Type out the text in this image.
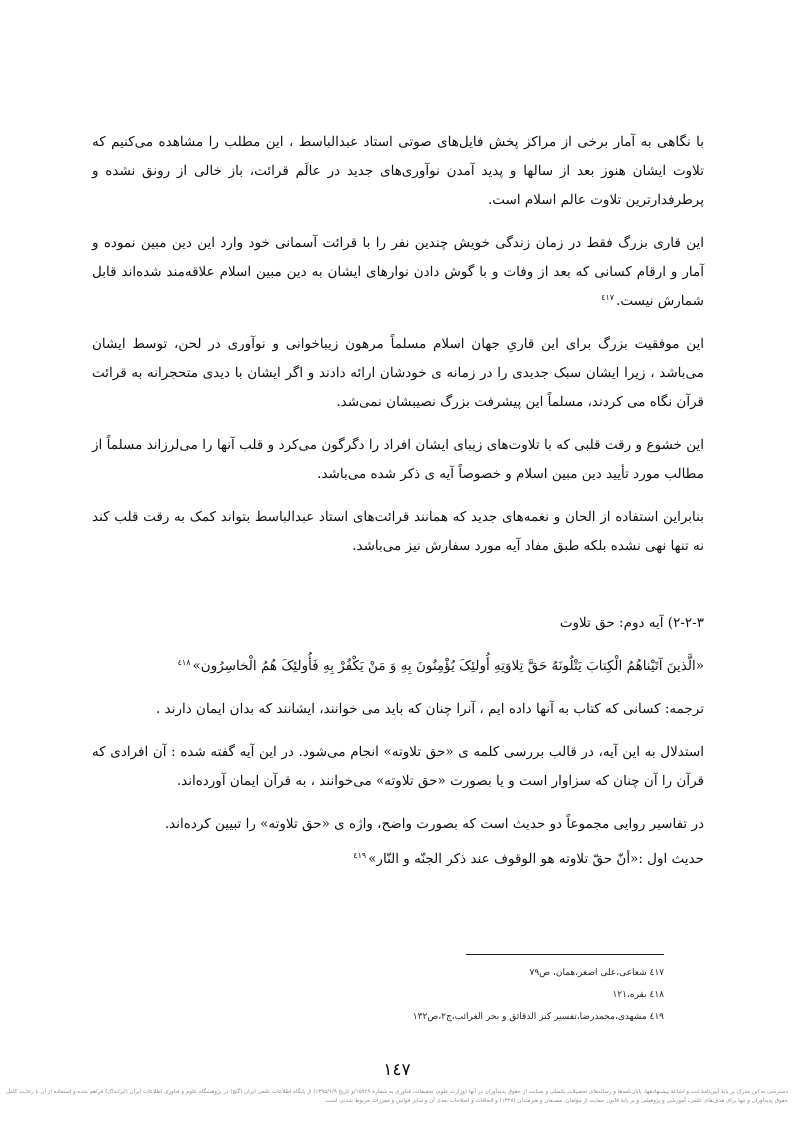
با نگاهی به آمار برخی از مراکز پخش فایل‌های صوتی استاد عبدالباسط ، این مطلب را مشاهده می‌کنیم که تلاوت ایشان هنوز بعد از سالها و پدید آمدن نوآوری‌های جدید در عالَم قرائت، باز خالی از رونق نشده و پرطرفدارترین تلاوت عالم اسلام است.

این قاری بزرگ فقط در زمان زندگی خویش چندین نفر را با قرائت آسمانی خود وارد این دین مبین نموده و آمار و ارقام کسانی که بعد از وفات و با گوش دادن نوارهای ایشان به دین مبین اسلام علاقه‌مند شده‌اند قابل شمارش نیست.$^{٤١٧}$

این موفقیت بزرگ برای این قاریِ جهان اسلام مسلماً مرهون زیباخوانی و نوآوری در لحن، توسط ایشان می‌باشد ، زیرا ایشان سبک جدیدی را در زمانه ی خودشان ارائه دادند و اگر ایشان با دیدی متحجرانه به قرائت قرآن نگاه می کردند، مسلماً این پیشرفت بزرگ نصیبشان نمی‌شد.

این خشوع و رقت قلبی که با تلاوت‌های زیبای ایشان افراد را دگرگون می‌کرد و قلب آنها را می‌لرزاند مسلماً از مطالب مورد تأیید دین مبین اسلام و خصوصاً آیه ی ذکر شده می‌باشد.

بنابراین استفاده از الحان و نغمه‌های جدید که همانند قرائت‌های استاد عبدالباسط بتواند کمک به رقت قلب کند نه تنها نهی نشده بلکه طبق مفاد آیه مورد سفارش نیز می‌باشد.

٣-٢-٢) آیه دوم: حق تلاوت

«الَّذینَ آتَیْناهُمُ الْکِتابَ یَتْلُونَهُ حَقَّ تِلاوَتِهِ أُولئِکَ یُؤْمِنُونَ بِهِ وَ مَنْ یَکْفُرْ بِهِ فَأُولئِکَ هُمُ الْخاسِرُون»$^{٤١٨}$

ترجمه: کسانی که کتاب به آنها داده ایم ، آنرا چنان که باید می خوانند، ایشانند که بدان ایمان دارند .

استدلال به این آیه، در قالب بررسی کلمه ی «حق تلاوته» انجام می‌شود. در این آیه گفته شده : آن افرادی که قرآن را آن چنان که سزاوار است و یا بصورت «حق تلاوته» می‌خوانند ، به قرآن ایمان آورده‌اند.

در تفاسیر روایی مجموعاً دو حدیث است که بصورت واضح، واژه ی «حق تلاوته» را تبیین کرده‌اند.

حدیث اول :«أنّ حقّ تلاوته هو الوقوف عند ذکر الجنّه و النّار»$^{٤١٩}$

٤١٧ شعاعی،علی اصغر،همان، ص٧٩
٤١٨ بقره،١٢١
٤١٩ مشهدی،محمدرضا،تفسیر کنز الدقائق و بحر الغرائب،ج٢،ص١٣٢
١٤٧
دسترسی به این مدرک بر پایهٔ آیین‌نامهٔ ثبت و اشاعهٔ پیشنهادهها، پایان‌نامه‌ها و رساله‌های تحصیلات تکمیلی و صیانت از حقوق پدیدآوران در آنها (وزارت علوم، تحقیقات، فناوری به شمارهٔ ۱۵۹۲۹/و تاریخ ۱۳۹۵/۶/۹) از پایگاه اطلاعات علمی ایران (گنج) در پژوهشگاه علوم و فناوری اطلاعات ایران (ایرانداک) فراهم شده و استفاده از آن با رعایت کامل حقوق پدیدآوران و تنها برای هدف‌های علمی، آموزشی و پژوهشی و بر پایهٔ قانون حمایت از مؤلفان، مصنفان و هنرمندان (۱۳۴۸) و الحاقات و اصلاحات بعدی آن و سایر قوانین و مقررات مربوط شدنی است.
